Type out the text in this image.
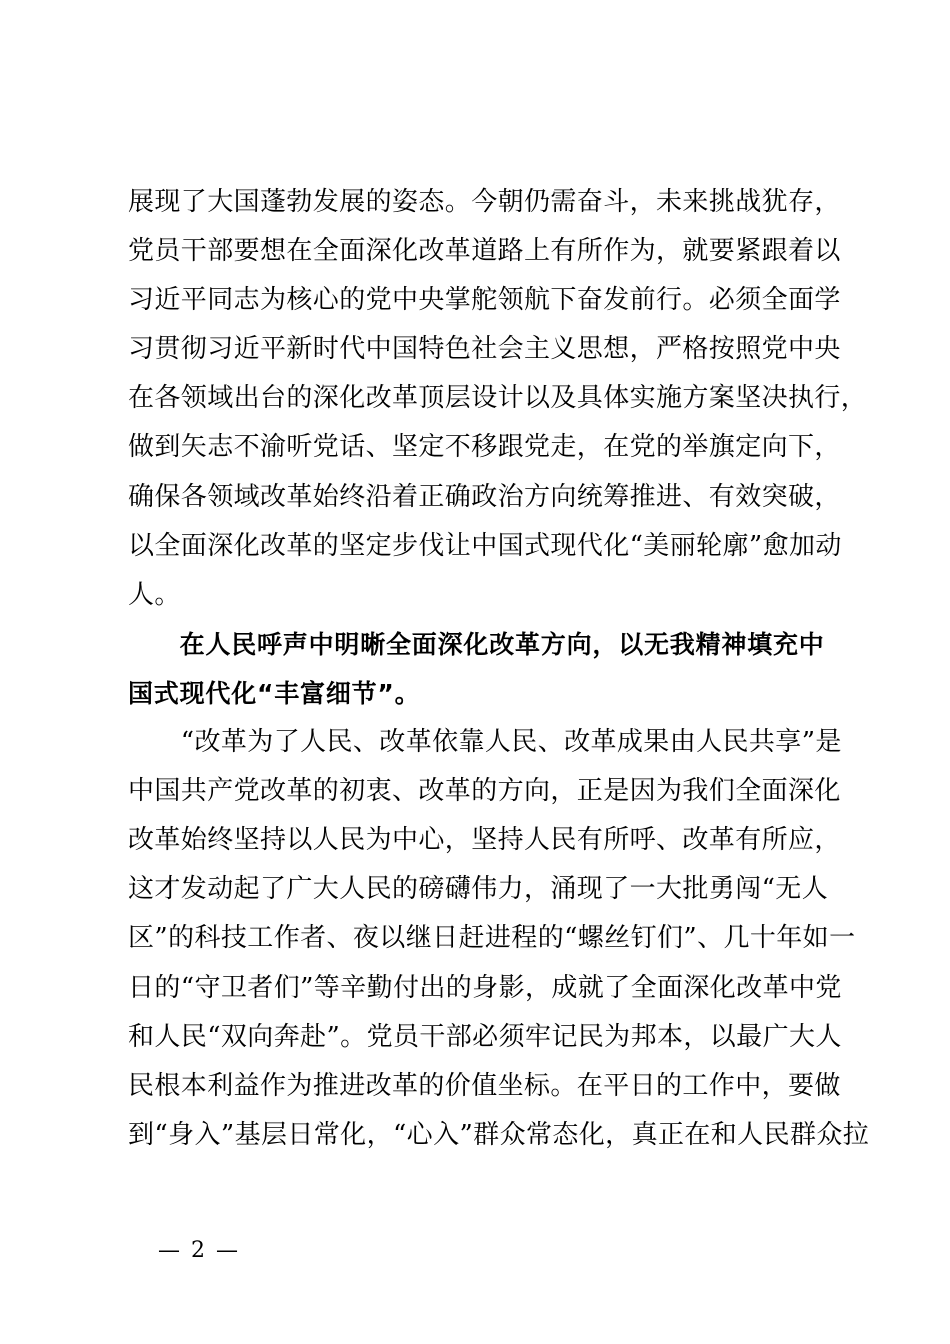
展现了大国蓬勃发展的姿态。今朝仍需奋斗，未来挑战犹存，
党员干部要想在全面深化改革道路上有所作为，就要紧跟着以
习近平同志为核心的党中央掌舵领航下奋发前行。必须全面学
习贯彻习近平新时代中国特色社会主义思想，严格按照党中央
在各领域出台的深化改革顶层设计以及具体实施方案坚决执行，
做到矢志不渝听党话、坚定不移跟党走，在党的举旗定向下，
确保各领域改革始终沿着正确政治方向统筹推进、有效突破，
以全面深化改革的坚定步伐让中国式现代化“美丽轮廓”愈加动
人。
　　在人民呼声中明晰全面深化改革方向，以无我精神填充中
国式现代化“丰富细节”。
　　“改革为了人民、改革依靠人民、改革成果由人民共享”是
中国共产党改革的初衷、改革的方向，正是因为我们全面深化
改革始终坚持以人民为中心，坚持人民有所呼、改革有所应，
这才发动起了广大人民的磅礴伟力，涌现了一大批勇闯“无人
区”的科技工作者、夜以继日赶进程的“螺丝钉们”、几十年如一
日的“守卫者们”等辛勤付出的身影，成就了全面深化改革中党
和人民“双向奔赴”。党员干部必须牢记民为邦本，以最广大人
民根本利益作为推进改革的价值坐标。在平日的工作中，要做
到“身入”基层日常化，“心入”群众常态化，真正在和人民群众拉
— 2 —
